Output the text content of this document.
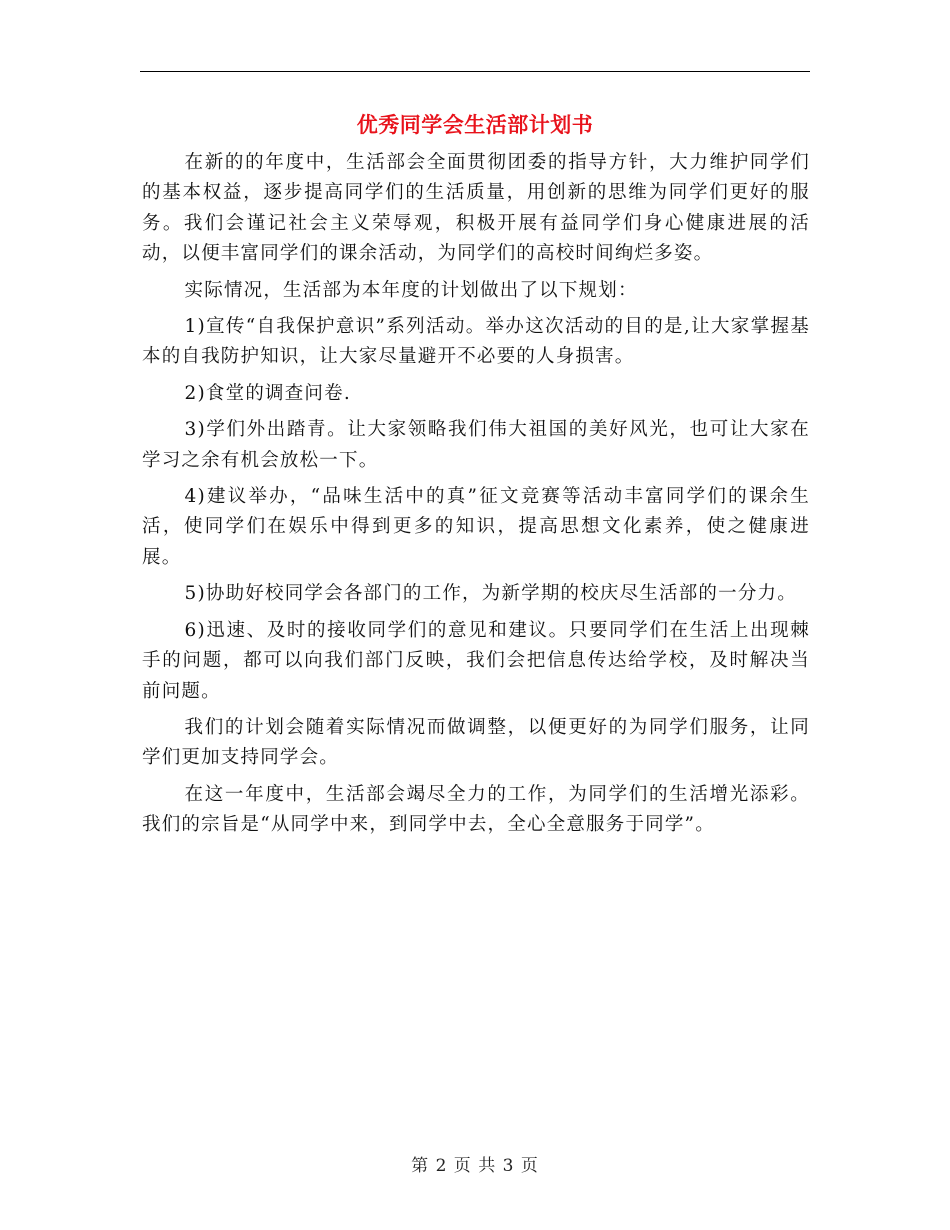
优秀同学会生活部计划书

在新的的年度中，生活部会全面贯彻团委的指导方针，大力维护同学们的基本权益，逐步提高同学们的生活质量，用创新的思维为同学们更好的服务。我们会谨记社会主义荣辱观，积极开展有益同学们身心健康进展的活动，以便丰富同学们的课余活动，为同学们的高校时间绚烂多姿。

实际情况，生活部为本年度的计划做出了以下规划：

1)宣传“自我保护意识”系列活动。举办这次活动的目的是,让大家掌握基本的自我防护知识，让大家尽量避开不必要的人身损害。

2)食堂的调查问卷.

3)学们外出踏青。让大家领略我们伟大祖国的美好风光，也可让大家在学习之余有机会放松一下。

4)建议举办，“品味生活中的真”征文竞赛等活动丰富同学们的课余生活，使同学们在娱乐中得到更多的知识，提高思想文化素养，使之健康进展。

5)协助好校同学会各部门的工作，为新学期的校庆尽生活部的一分力。

6)迅速、及时的接收同学们的意见和建议。只要同学们在生活上出现棘手的问题，都可以向我们部门反映，我们会把信息传达给学校，及时解决当前问题。

我们的计划会随着实际情况而做调整，以便更好的为同学们服务，让同学们更加支持同学会。

在这一年度中，生活部会竭尽全力的工作，为同学们的生活增光添彩。我们的宗旨是“从同学中来，到同学中去，全心全意服务于同学”。

第 2 页 共 3 页
